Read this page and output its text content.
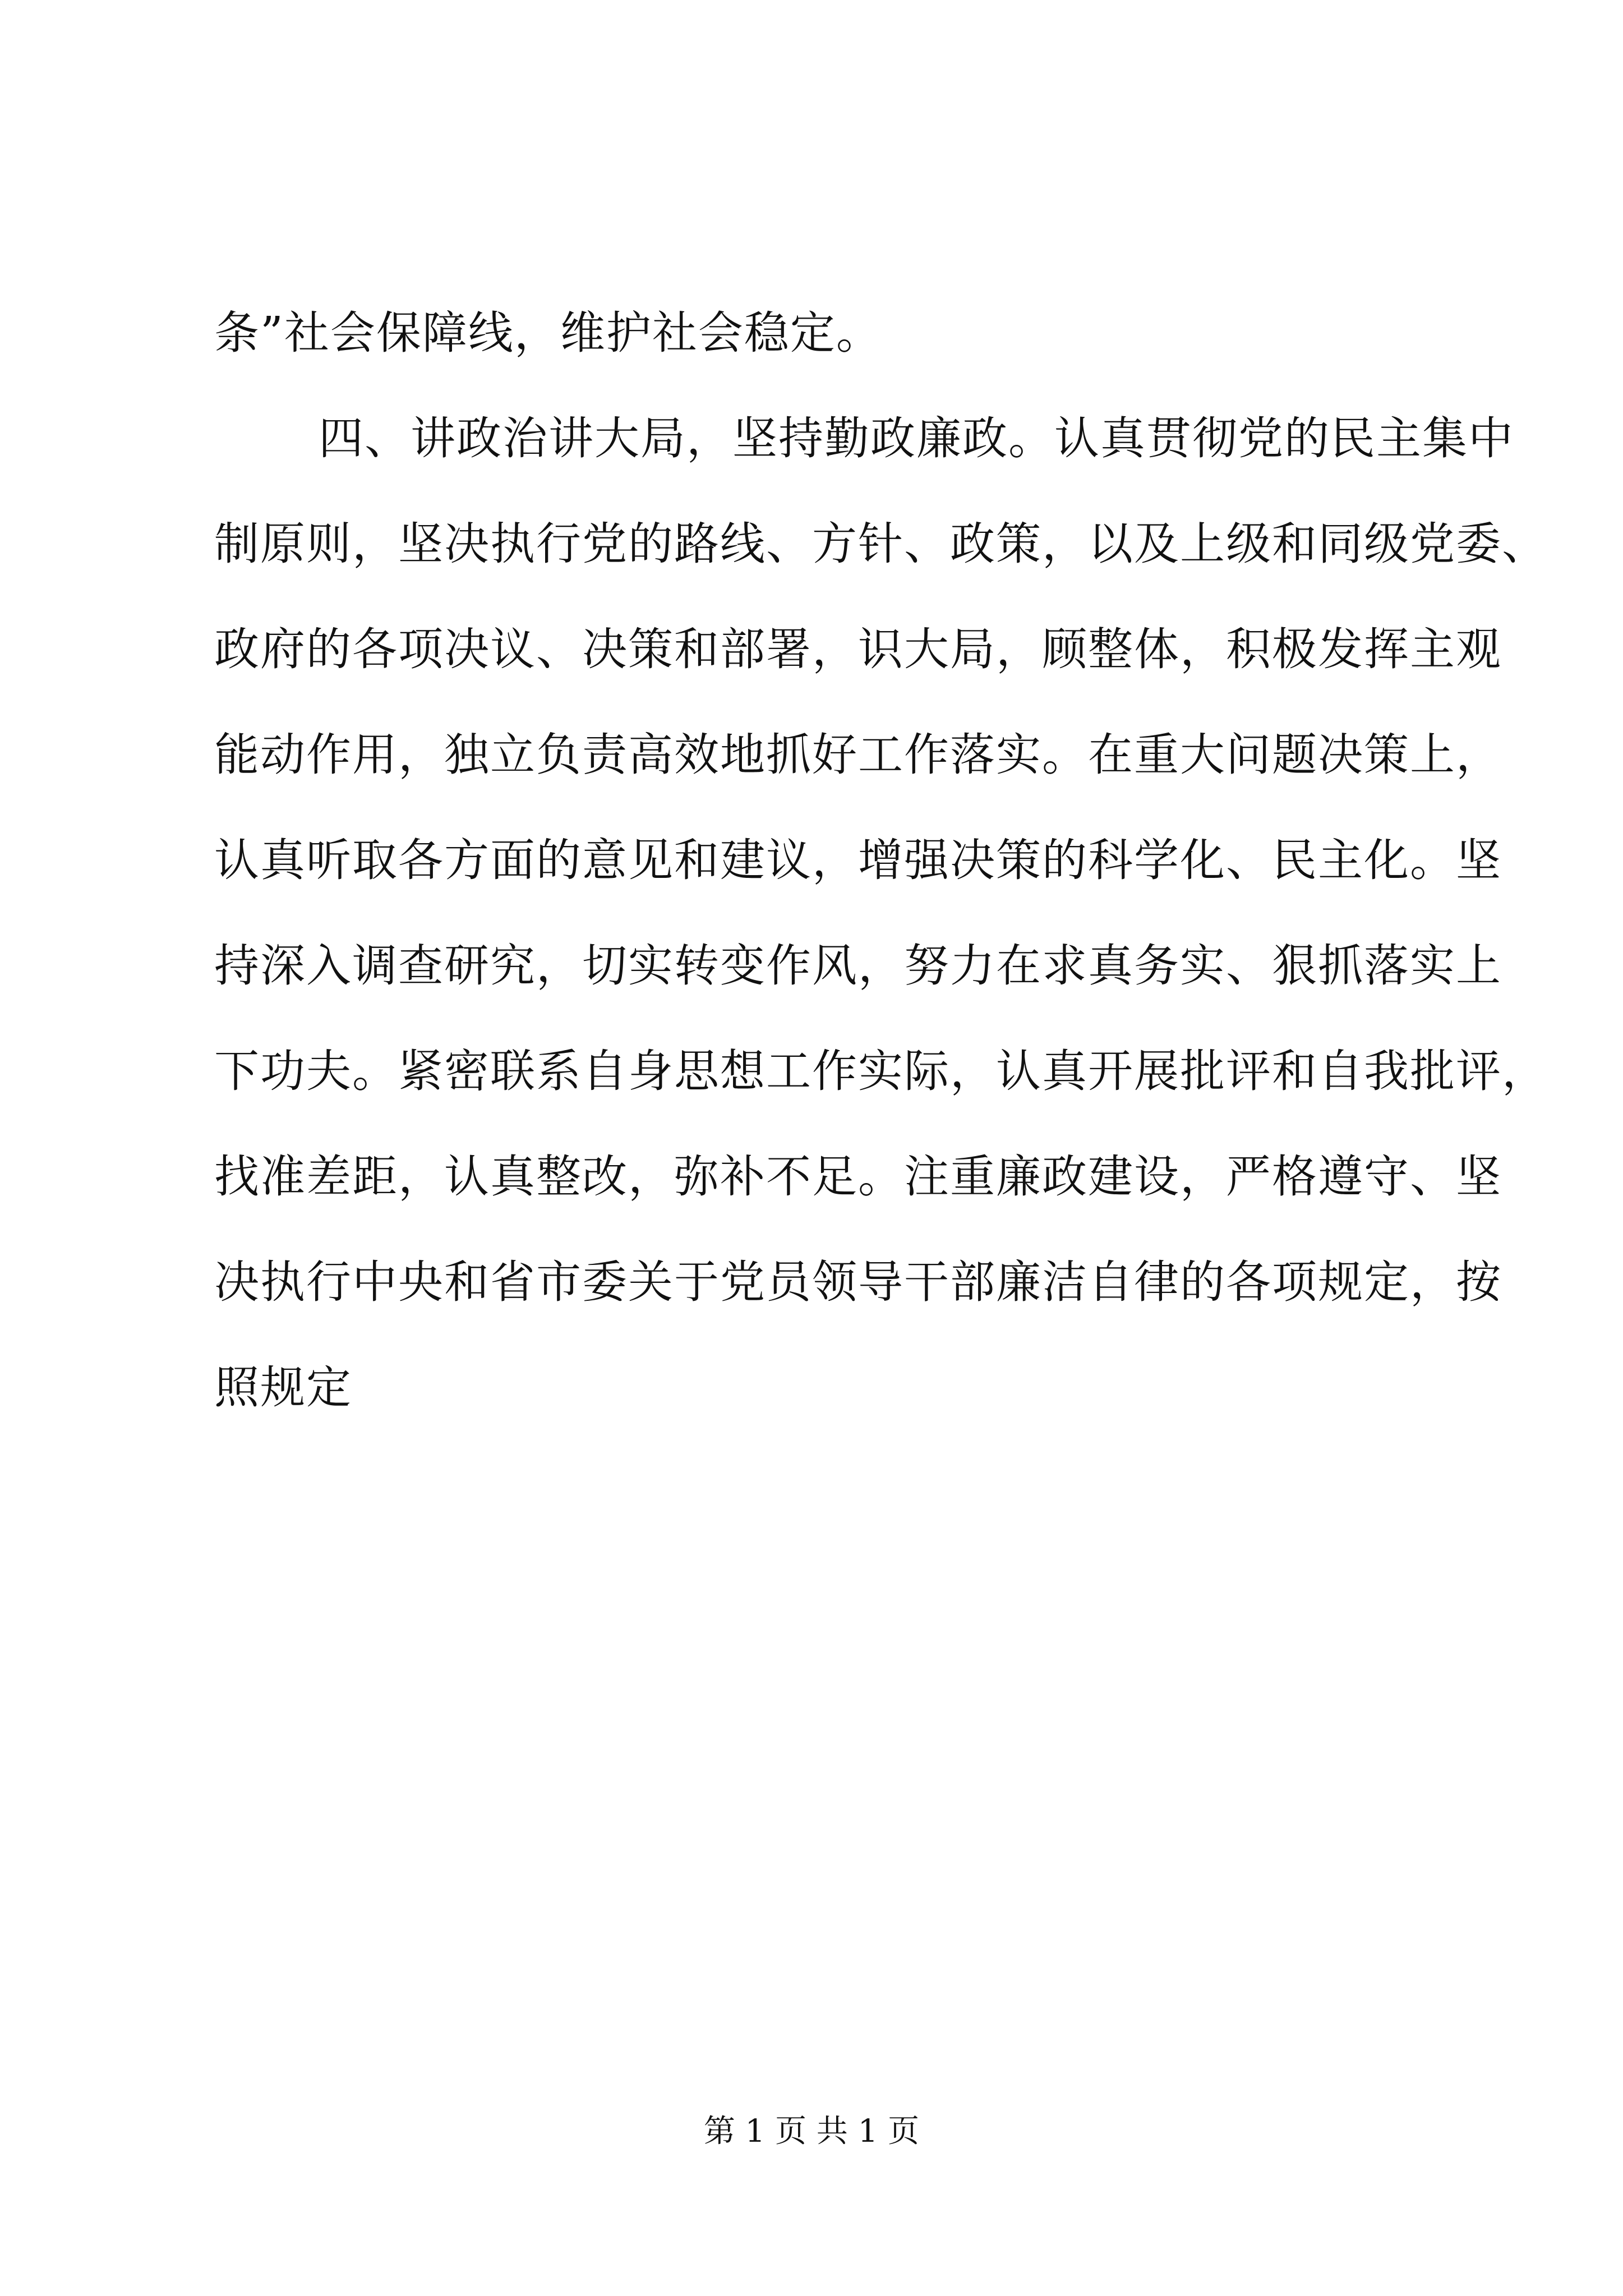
条”社会保障线，维护社会稳定。
四、讲政治讲大局，坚持勤政廉政。认真贯彻党的民主集中
制原则，坚决执行党的路线、方针、政策，以及上级和同级党委、
政府的各项决议、决策和部署，识大局，顾整体，积极发挥主观
能动作用，独立负责高效地抓好工作落实。在重大问题决策上，
认真听取各方面的意见和建议，增强决策的科学化、民主化。坚
持深入调查研究，切实转变作风，努力在求真务实、狠抓落实上
下功夫。紧密联系自身思想工作实际，认真开展批评和自我批评，
找准差距，认真整改，弥补不足。注重廉政建设，严格遵守、坚
决执行中央和省市委关于党员领导干部廉洁自律的各项规定，按
照规定
第 1 页 共 1 页
